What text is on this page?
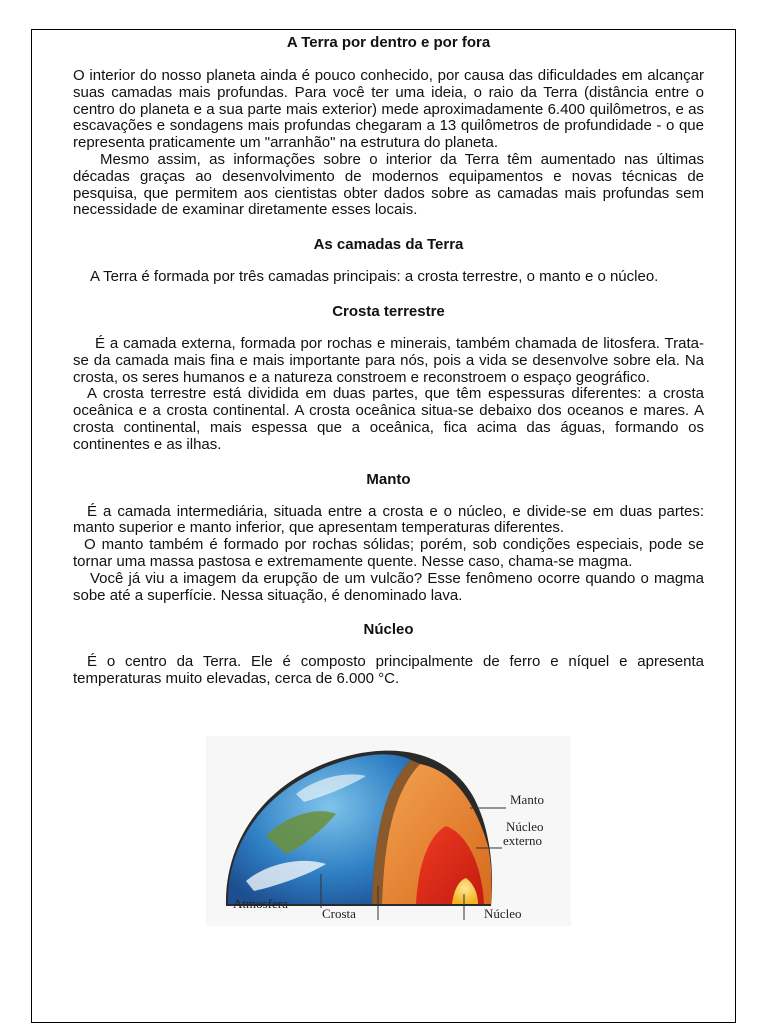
A Terra por dentro e por fora

O interior do nosso planeta ainda é pouco conhecido, por causa das dificuldades em alcançar suas camadas mais profundas. Para você ter uma ideia, o raio da Terra (distância entre o centro do planeta e a sua parte mais exterior) mede aproximadamente 6.400 quilômetros, e as escavações e sondagens mais profundas chegaram a 13 quilômetros de profundidade - o que representa praticamente um "arranhão" na estrutura do planeta.

Mesmo assim, as informações sobre o interior da Terra têm aumentado nas últimas décadas graças ao desenvolvimento de modernos equipamentos e novas técnicas de pesquisa, que permitem aos cientistas obter dados sobre as camadas mais profundas sem necessidade de examinar diretamente esses locais.

As camadas da Terra

A Terra é formada por três camadas principais: a crosta terrestre, o manto e o núcleo.

Crosta terrestre

É a camada externa, formada por rochas e minerais, também chamada de litosfera. Trata-se da camada mais fina e mais importante para nós, pois a vida se desenvolve sobre ela. Na crosta, os seres humanos e a natureza constroem e reconstroem o espaço geográfico.

A crosta terrestre está dividida em duas partes, que têm espessuras diferentes: a crosta oceânica e a crosta continental. A crosta oceânica situa-se debaixo dos oceanos e mares. A crosta continental, mais espessa que a oceânica, fica acima das águas, formando os continentes e as ilhas.

Manto

É a camada intermediária, situada entre a crosta e o núcleo, e divide-se em duas partes: manto superior e manto inferior, que apresentam temperaturas diferentes.

O manto também é formado por rochas sólidas; porém, sob condições especiais, pode se tornar uma massa pastosa e extremamente quente. Nesse caso, chama-se magma.

Você já viu a imagem da erupção de um vulcão? Esse fenômeno ocorre quando o magma sobe até a superfície. Nessa situação, é denominado lava.

Núcleo

É o centro da Terra. Ele é composto principalmente de ferro e níquel e apresenta temperaturas muito elevadas, cerca de 6.000 °C.

Manto
Núcleo
externo
Atmosfera
Crosta	Núcleo
